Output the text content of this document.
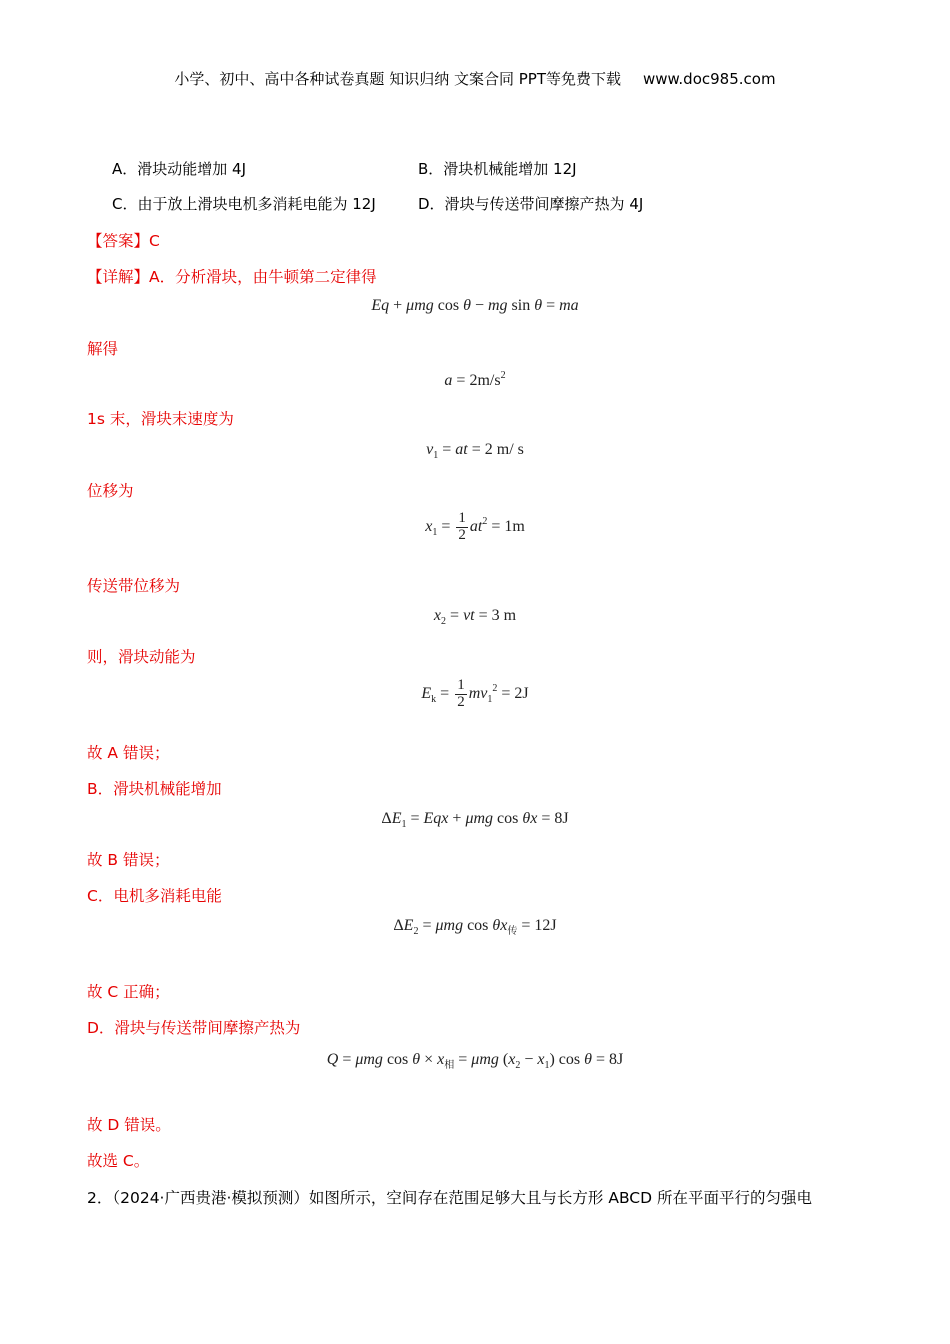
小学、初中、高中各种试卷真题 知识归纳 文案合同 PPT等免费下载 www.doc985.com
A．滑块动能增加 4J	B．滑块机械能增加 12J
C．由于放上滑块电机多消耗电能为 12J	D．滑块与传送带间摩擦产热为 4J
【答案】C
【详解】A．分析滑块，由牛顿第二定律得
Eq + μmg cos θ − mg sin θ = ma
解得
$a = 2m/s^2$
1s 末，滑块末速度为
$v_1$ = at = 2 m/ s
位移为
$x_1 = \frac{1}{2} at^2 = 1m$
传送带位移为
$x_2$ = vt = 3 m
则，滑块动能为
$E_k = \frac{1}{2} mv_1^2 = 2J$
故 A 错误；
B．滑块机械能增加
$\Delta E_1$ = Eqx + μmg cos θx = 8J
故 B 错误；
C．电机多消耗电能
$\Delta E_2 = \mu mg$ $\cos \theta x_传 = 12J$
故 C 正确；
D．滑块与传送带间摩擦产热为
Q = μmg $\cos \theta \times x_相 = \mu mg$ $(x_2 - x_1)$ cos θ = 8J
故 D 错误。
故选 C。
2．（2024·广西贵港·模拟预测）如图所示，空间存在范围足够大且与长方形 ABCD 所在平面平行的匀强电
